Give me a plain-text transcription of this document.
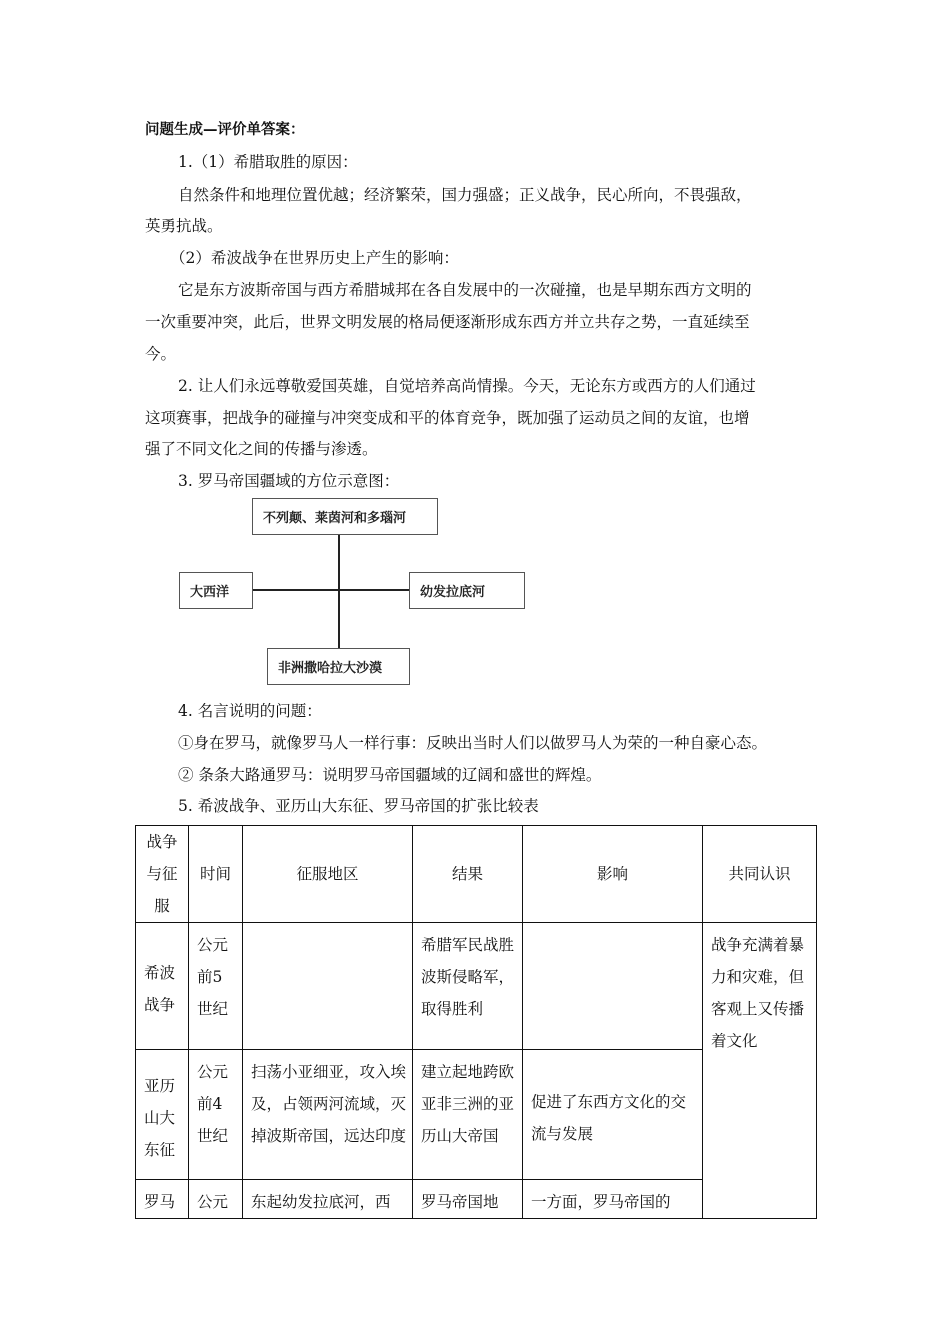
问题生成—评价单答案：
1.（1）希腊取胜的原因：
自然条件和地理位置优越；经济繁荣，国力强盛；正义战争，民心所向，不畏强敌，
英勇抗战。
（2）希波战争在世界历史上产生的影响：
它是东方波斯帝国与西方希腊城邦在各自发展中的一次碰撞，也是早期东西方文明的
一次重要冲突，此后，世界文明发展的格局便逐渐形成东西方并立共存之势，一直延续至
今。
2. 让人们永远尊敬爱国英雄，自觉培养高尚情操。今天，无论东方或西方的人们通过
这项赛事，把战争的碰撞与冲突变成和平的体育竞争，既加强了运动员之间的友谊，也增
强了不同文化之间的传播与渗透。
3. 罗马帝国疆域的方位示意图：
不列颠、莱茵河和多瑙河
大西洋	幼发拉底河
非洲撒哈拉大沙漠
4. 名言说明的问题：
①身在罗马，就像罗马人一样行事：反映出当时人们以做罗马人为荣的一种自豪心态。
② 条条大路通罗马：说明罗马帝国疆域的辽阔和盛世的辉煌。
5. 希波战争、亚历山大东征、罗马帝国的扩张比较表
战争与征服	时间	征服地区	结果	影响	共同认识
希波战争	公元前5世纪		希腊军民战胜波斯侵略军，取得胜利		战争充满着暴力和灾难，但客观上又传播着文化
亚历山大东征	公元前4世纪	扫荡小亚细亚，攻入埃及，占领两河流域，灭掉波斯帝国，远达印度	建立起地跨欧亚非三洲的亚历山大帝国	促进了东西方文化的交流与发展	
罗马	公元	东起幼发拉底河，西	罗马帝国地	一方面，罗马帝国的	
